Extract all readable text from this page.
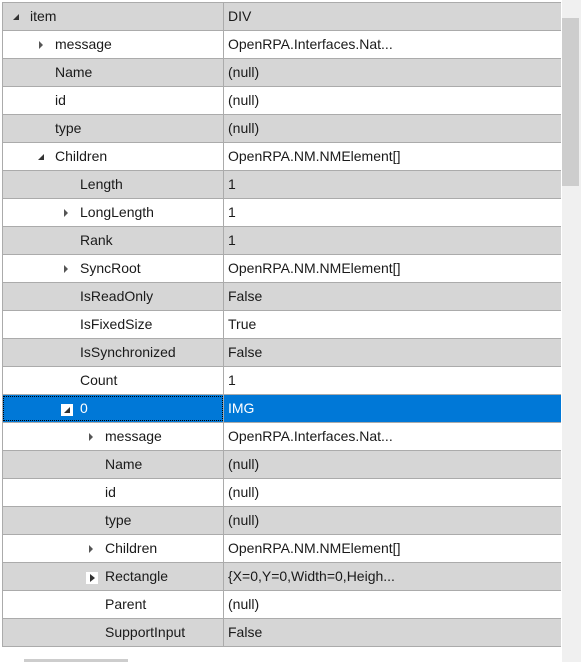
item	DIV
message	OpenRPA.Interfaces.Nat...
Name	(null)
id	(null)
type	(null)
Children	OpenRPA.NM.NMElement[]
Length	1
LongLength	1
Rank	1
SyncRoot	OpenRPA.NM.NMElement[]
IsReadOnly	False
IsFixedSize	True
IsSynchronized	False
Count	1
0	IMG
message	OpenRPA.Interfaces.Nat...
Name	(null)
id	(null)
type	(null)
Children	OpenRPA.NM.NMElement[]
Rectangle	{X=0,Y=0,Width=0,Heigh...
Parent	(null)
SupportInput	False
